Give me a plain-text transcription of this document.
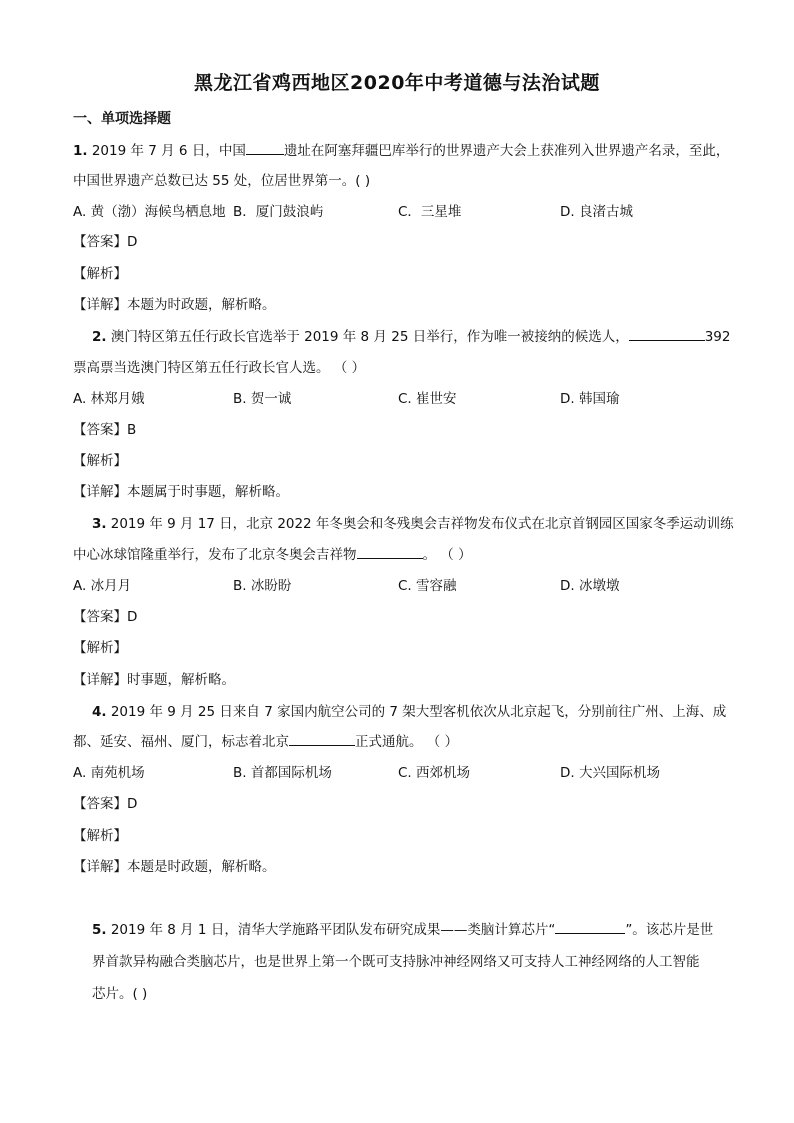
黑龙江省鸡西地区2020年中考道德与法治试题
一、单项选择题
1. 2019 年 7 月 6 日，中国	遗址在阿塞拜疆巴库举行的世界遗产大会上获准列入世界遗产名录，至此，
中国世界遗产总数已达 55 处，位居世界第一。( )
A. 黄（渤）海候鸟栖息地 B．厦门鼓浪屿	C．三星堆	D. 良渚古城
【答案】D
【解析】
【详解】本题为时政题，解析略。
2. 澳门特区第五任行政长官选举于 2019 年 8 月 25 日举行，作为唯一被接纳的候选人，	392
票高票当选澳门特区第五任行政长官人选。 （ ）
A. 林郑月娥	B. 贺一诚	C. 崔世安	D. 韩国瑜
【答案】B
【解析】
【详解】本题属于时事题，解析略。
3. 2019 年 9 月 17 日，北京 2022 年冬奥会和冬残奥会吉祥物发布仪式在北京首钢园区国家冬季运动训练
中心冰球馆隆重举行，发布了北京冬奥会吉祥物	。 （ ）
A. 冰月月	B. 冰盼盼	C. 雪容融	D. 冰墩墩
【答案】D
【解析】
【详解】时事题，解析略。
4. 2019 年 9 月 25 日来自 7 家国内航空公司的 7 架大型客机依次从北京起飞，分别前往广州、上海、成
都、延安、福州、厦门，标志着北京	正式通航。 （ ）
A. 南苑机场	B. 首都国际机场	C. 西郊机场	D. 大兴国际机场
【答案】D
【解析】
【详解】本题是时政题，解析略。
5. 2019 年 8 月 1 日，清华大学施路平团队发布研究成果——类脑计算芯片“	”。该芯片是世
界首款异构融合类脑芯片，也是世界上第一个既可支持脉冲神经网络又可支持人工神经网络的人工智能
芯片。( )
